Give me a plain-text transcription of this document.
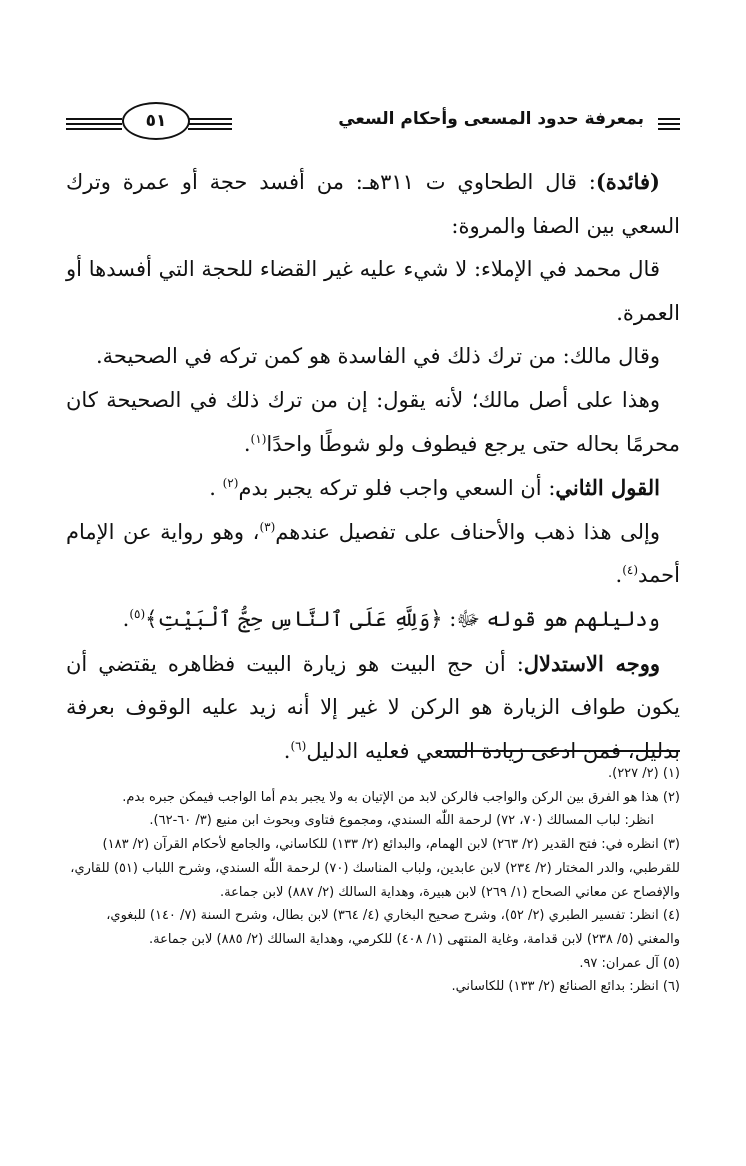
٥١	بمعرفة حدود المسعى وأحكام السعي

(فائدة): قال الطحاوي ت ٣١١هـ: من أفسد حجة أو عمرة وترك السعي بين الصفا والمروة:

قال محمد في الإملاء: لا شيء عليه غير القضاء للحجة التي أفسدها أو العمرة.

وقال مالك: من ترك ذلك في الفاسدة هو كمن تركه في الصحيحة.

وهذا على أصل مالك؛ لأنه يقول: إن من ترك ذلك في الصحيحة كان محرمًا بحاله حتى يرجع فيطوف ولو شوطًا واحدًا$^{(١)}$.

القول الثاني: أن السعي واجب فلو تركه يجبر بدم$^{(٢)}$ .

وإلى هذا ذهب والأحناف على تفصيل عندهم$^{(٣)}$، وهو رواية عن الإمام أحمد$^{(٤)}$.

ودليلهم هو قوله ﷻ: ﴿وَلِلَّهِ عَلَى ٱلنَّاسِ حِجُّ ٱلْبَيْتِ﴾$^{(٥)}$.

ووجه الاستدلال: أن حج البيت هو زيارة البيت فظاهره يقتضي أن يكون طواف الزيارة هو الركن لا غير إلا أنه زيد عليه الوقوف بعرفة بدليل، فمن ادعى زيادة السعي فعليه الدليل$^{(٦)}$.

(١) (٢/ ٢٢٧).

(٢) هذا هو الفرق بين الركن والواجب فالركن لابد من الإتيان به ولا يجبر بدم أما الواجب فيمكن جبره بدم.

انظر: لباب المسالك (٧٠، ٧٢) لرحمة اللّٰه السندي، ومجموع فتاوى وبحوث ابن منيع (٣/ ٦٠-٦٢).

(٣) انظره في: فتح القدير (٢/ ٢٦٣) لابن الهمام، والبدائع (٢/ ١٣٣) للكاساني، والجامع لأحكام القرآن (٢/ ١٨٣) للقرطبي، والدر المختار (٢/ ٢٣٤) لابن عابدين، ولباب المناسك (٧٠) لرحمة اللّٰه السندي، وشرح اللباب (٥١) للقاري، والإفصاح عن معاني الصحاح (١/ ٢٦٩) لابن هبيرة، وهداية السالك (٢/ ٨٨٧) لابن جماعة.

(٤) انظر: تفسير الطبري (٢/ ٥٢)، وشرح صحيح البخاري (٤/ ٣٦٤) لابن بطال، وشرح السنة (٧/ ١٤٠) للبغوي، والمغني (٥/ ٢٣٨) لابن قدامة، وغاية المنتهى (١/ ٤٠٨) للكرمي، وهداية السالك (٢/ ٨٨٥) لابن جماعة.

(٥) آل عمران: ٩٧.

(٦) انظر: بدائع الصنائع (٢/ ١٣٣) للكاساني.
